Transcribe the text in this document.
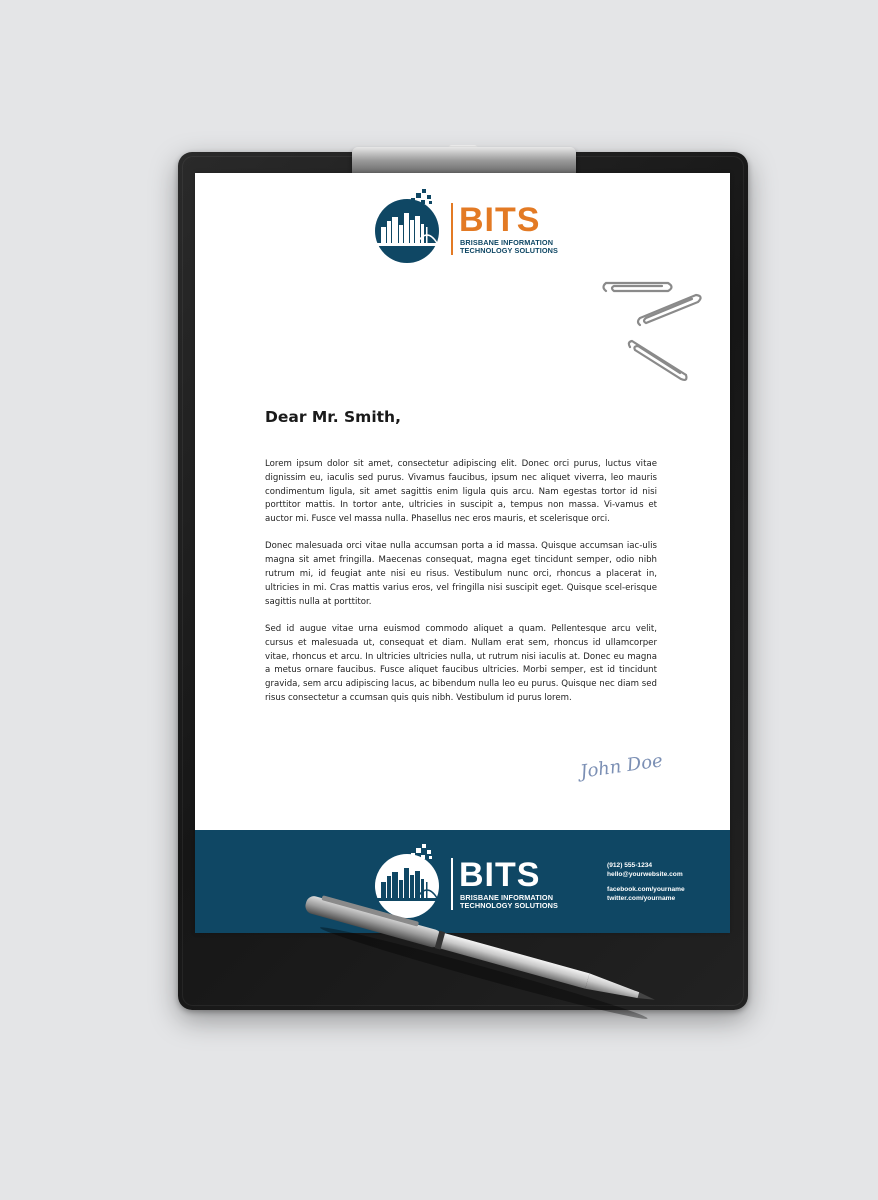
BITS
BRISBANE INFORMATION
TECHNOLOGY SOLUTIONS
Dear Mr. Smith,

Lorem ipsum dolor sit amet, consectetur adipiscing elit. Donec orci purus, luctus vitae dignissim eu, iaculis sed purus. Vivamus faucibus, ipsum nec aliquet viverra, leo mauris condimentum ligula, sit amet sagittis enim ligula quis arcu. Nam egestas tortor id nisi porttitor mattis. In tortor ante, ultricies in suscipit a, tempus non massa. Vi-vamus et auctor mi. Fusce vel massa nulla. Phasellus nec eros mauris, et scelerisque orci.

Donec malesuada orci vitae nulla accumsan porta a id massa. Quisque accumsan iac-ulis magna sit amet fringilla. Maecenas consequat, magna eget tincidunt semper, odio nibh rutrum mi, id feugiat ante nisi eu risus. Vestibulum nunc orci, rhoncus a placerat in, ultricies in mi. Cras mattis varius eros, vel fringilla nisi suscipit eget. Quisque scel-erisque sagittis nulla at porttitor.

Sed id augue vitae urna euismod commodo aliquet a quam. Pellentesque arcu velit, cursus et malesuada ut, consequat et diam. Nullam erat sem, rhoncus id ullamcorper vitae, rhoncus et arcu. In ultricies ultricies nulla, ut rutrum nisi iaculis at. Donec eu magna a metus ornare faucibus. Fusce aliquet faucibus ultricies. Morbi semper, est id tincidunt gravida, sem arcu adipiscing lacus, ac bibendum nulla leo eu purus. Quisque nec diam sed risus consectetur a ccumsan quis quis nibh. Vestibulum id purus lorem.

John Doe
BITS
BRISBANE INFORMATION
TECHNOLOGY SOLUTIONS
(912) 555-1234
hello@yourwebsite.com
facebook.com/yourname
twitter.com/yourname
